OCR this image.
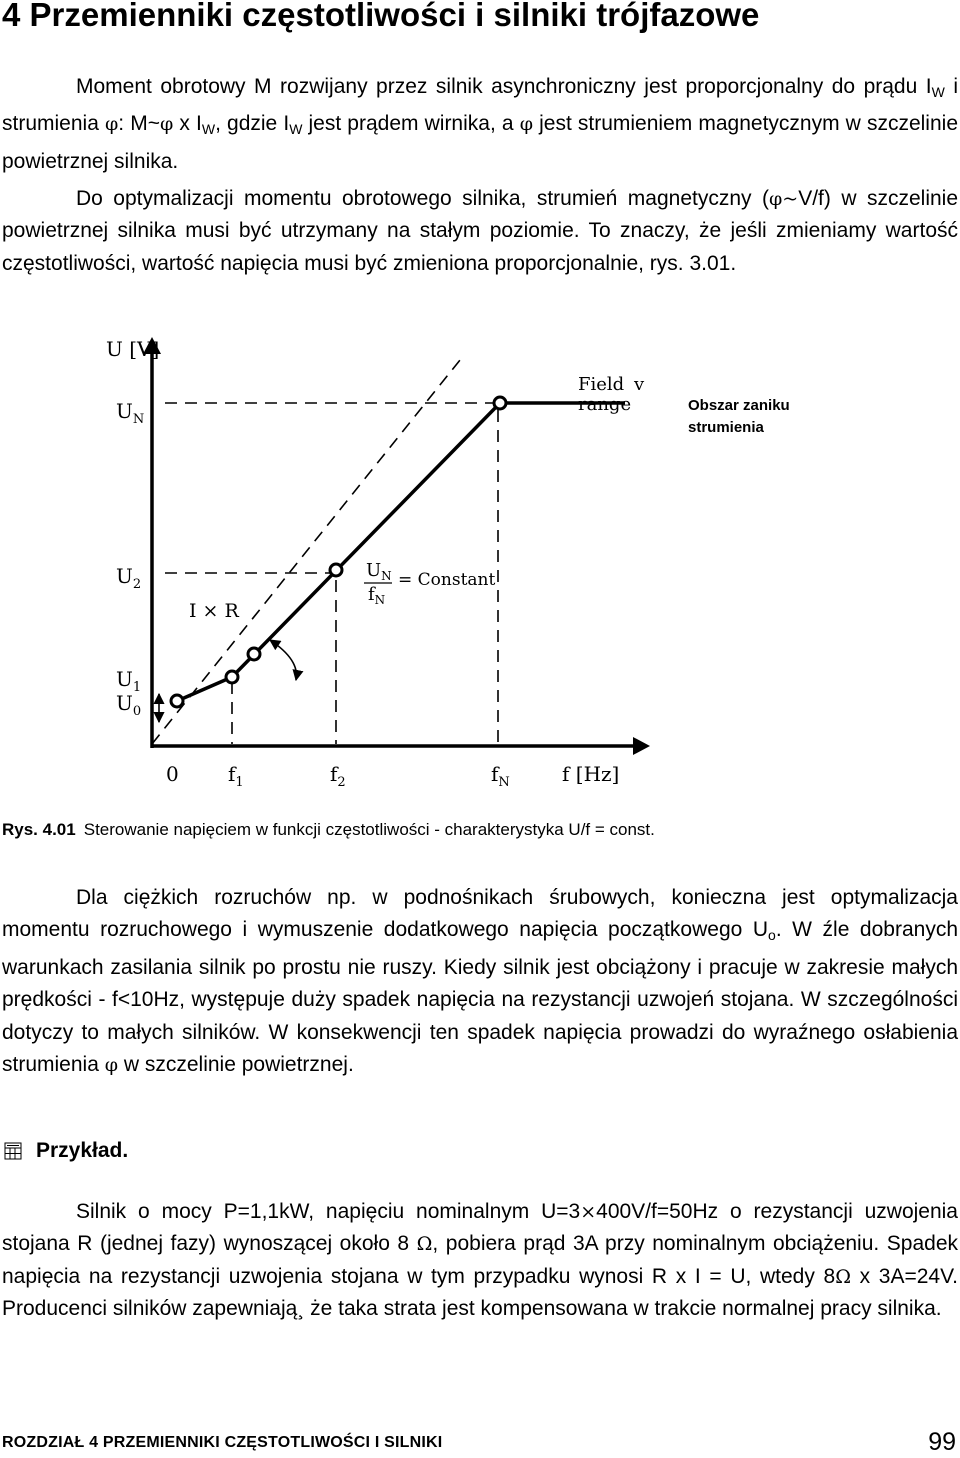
4 Przemienniki częstotliwości i silniki trójfazowe

Moment obrotowy M rozwijany przez silnik asynchroniczny jest proporcjonalny do prądu $I_W$ i strumienia φ: M~φ x $I_W$, gdzie $I_W$ jest prądem wirnika, a φ jest strumieniem magnetycznym w szczelinie powietrznej silnika.

Do optymalizacji momentu obrotowego silnika, strumień magnetyczny (φ~V/f) w szczelinie powietrznej silnika musi być utrzymany na stałym poziomie. To znaczy, że jeśli zmieniamy wartość częstotliwości, wartość napięcia musi być zmieniona proporcjonalnie, rys. 3.01.

U [V]
f [Hz]
$U_N$
$U_2$
$U_1$
$U_0$
0 $f_1$	$f_2$	$f_N$
Field v
range	Obszar zaniku
strumienia
I × R
$U_N$
$f_N$
= Constant

Rys. 4.01 Sterowanie napięciem w funkcji częstotliwości - charakterystyka U/f = const.

Dla ciężkich rozruchów np. w podnośnikach śrubowych, konieczna jest optymalizacja momentu rozruchowego i wymuszenie dodatkowego napięcia początkowego $U_o$. W źle dobranych warunkach zasilania silnik po prostu nie ruszy. Kiedy silnik jest obciążony i pracuje w zakresie małych prędkości - f<10Hz, występuje duży spadek napięcia na rezystancji uzwojeń stojana. W szczególności dotyczy to małych silników. W konsekwencji ten spadek napięcia prowadzi do wyraźnego osłabienia strumienia φ w szczelinie powietrznej.

Przykład.

Silnik o mocy P=1,1kW, napięciu nominalnym U=3×400V/f=50Hz o rezystancji uzwojenia stojana R (jednej fazy) wynoszącej około 8 Ω, pobiera prąd 3A przy nominalnym obciążeniu. Spadek napięcia na rezystancji uzwojenia stojana w tym przypadku wynosi R x I = U, wtedy 8Ω x 3A=24V. Producenci silników zapewniają¸ że taka strata jest kompensowana w trakcie normalnej pracy silnika.

ROZDZIAŁ 4 PRZEMIENNIKI CZĘSTOTLIWOŚCI I SILNIKI	99
